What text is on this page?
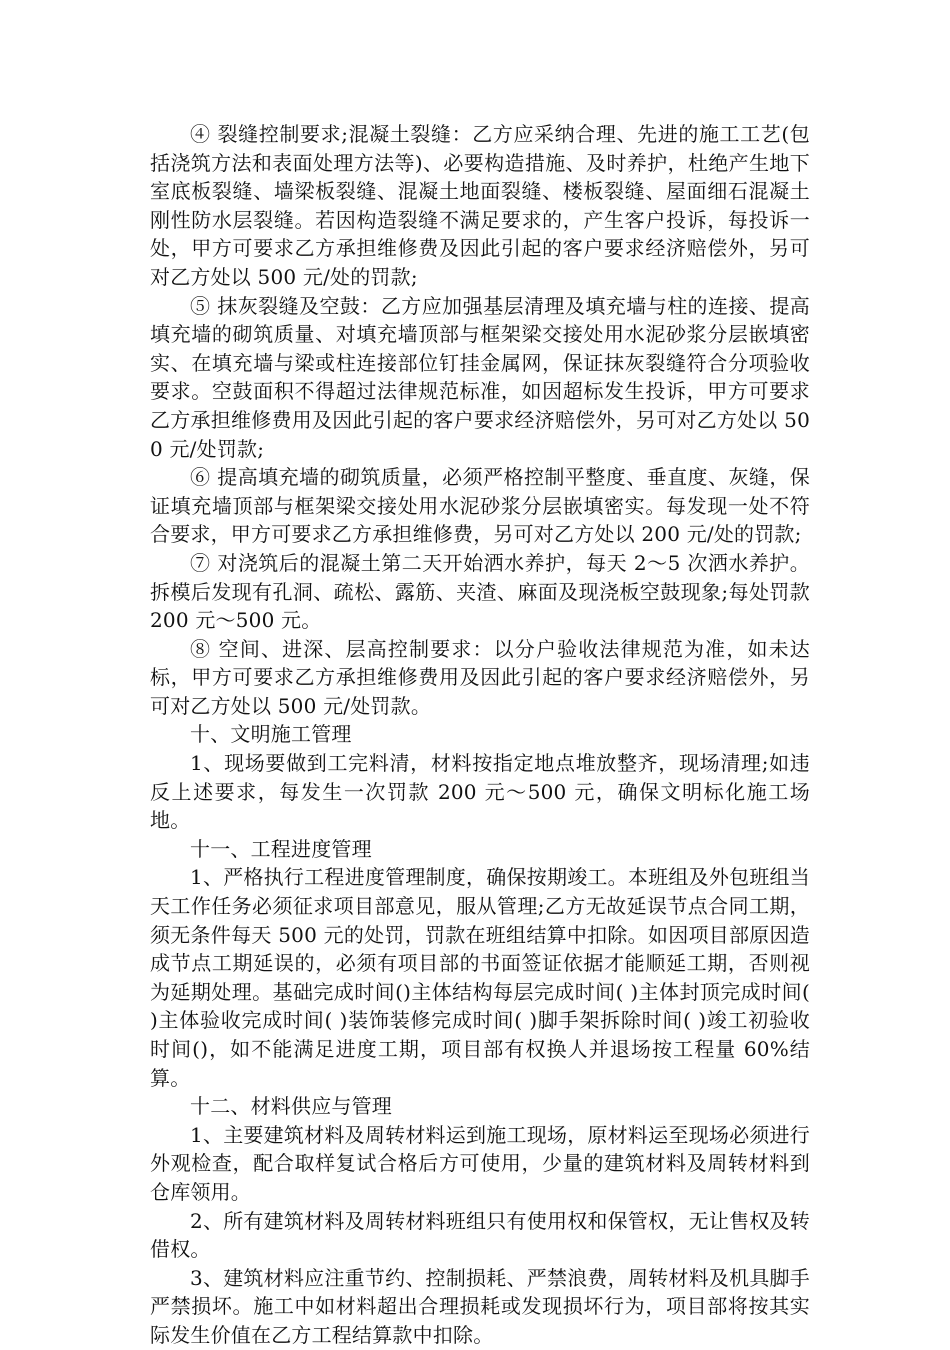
④ 裂缝控制要求;混凝土裂缝：乙方应采纳合理、先进的施工工艺(包括浇筑方法和表面处理方法等)、必要构造措施、及时养护，杜绝产生地下室底板裂缝、墙梁板裂缝、混凝土地面裂缝、楼板裂缝、屋面细石混凝土刚性防水层裂缝。若因构造裂缝不满足要求的，产生客户投诉，每投诉一处，甲方可要求乙方承担维修费及因此引起的客户要求经济赔偿外，另可对乙方处以 500 元/处的罚款;

⑤ 抹灰裂缝及空鼓：乙方应加强基层清理及填充墙与柱的连接、提高填充墙的砌筑质量、对填充墙顶部与框架梁交接处用水泥砂浆分层嵌填密实、在填充墙与梁或柱连接部位钉挂金属网，保证抹灰裂缝符合分项验收要求。空鼓面积不得超过法律规范标准，如因超标发生投诉，甲方可要求乙方承担维修费用及因此引起的客户要求经济赔偿外，另可对乙方处以 500 元/处罚款;

⑥ 提高填充墙的砌筑质量，必须严格控制平整度、垂直度、灰缝，保证填充墙顶部与框架梁交接处用水泥砂浆分层嵌填密实。每发现一处不符合要求，甲方可要求乙方承担维修费，另可对乙方处以 200 元/处的罚款;

⑦ 对浇筑后的混凝土第二天开始洒水养护，每天 2～5 次洒水养护。拆模后发现有孔洞、疏松、露筋、夹渣、麻面及现浇板空鼓现象;每处罚款 200 元～500 元。

⑧ 空间、进深、层高控制要求：以分户验收法律规范为准，如未达标，甲方可要求乙方承担维修费用及因此引起的客户要求经济赔偿外，另可对乙方处以 500 元/处罚款。

十、文明施工管理

1、现场要做到工完料清，材料按指定地点堆放整齐，现场清理;如违反上述要求，每发生一次罚款 200 元～500 元，确保文明标化施工场地。

十一、工程进度管理

1、严格执行工程进度管理制度，确保按期竣工。本班组及外包班组当天工作任务必须征求项目部意见，服从管理;乙方无故延误节点合同工期，须无条件每天 500 元的处罚，罚款在班组结算中扣除。如因项目部原因造成节点工期延误的，必须有项目部的书面签证依据才能顺延工期，否则视为延期处理。基础完成时间()主体结构每层完成时间( )主体封顶完成时间( )主体验收完成时间( )装饰装修完成时间( )脚手架拆除时间( )竣工初验收时间()，如不能满足进度工期，项目部有权换人并退场按工程量 60%结算。

十二、材料供应与管理

1、主要建筑材料及周转材料运到施工现场，原材料运至现场必须进行外观检查，配合取样复试合格后方可使用，少量的建筑材料及周转材料到仓库领用。

2、所有建筑材料及周转材料班组只有使用权和保管权，无让售权及转借权。

3、建筑材料应注重节约、控制损耗、严禁浪费，周转材料及机具脚手严禁损坏。施工中如材料超出合理损耗或发现损坏行为，项目部将按其实际发生价值在乙方工程结算款中扣除。
